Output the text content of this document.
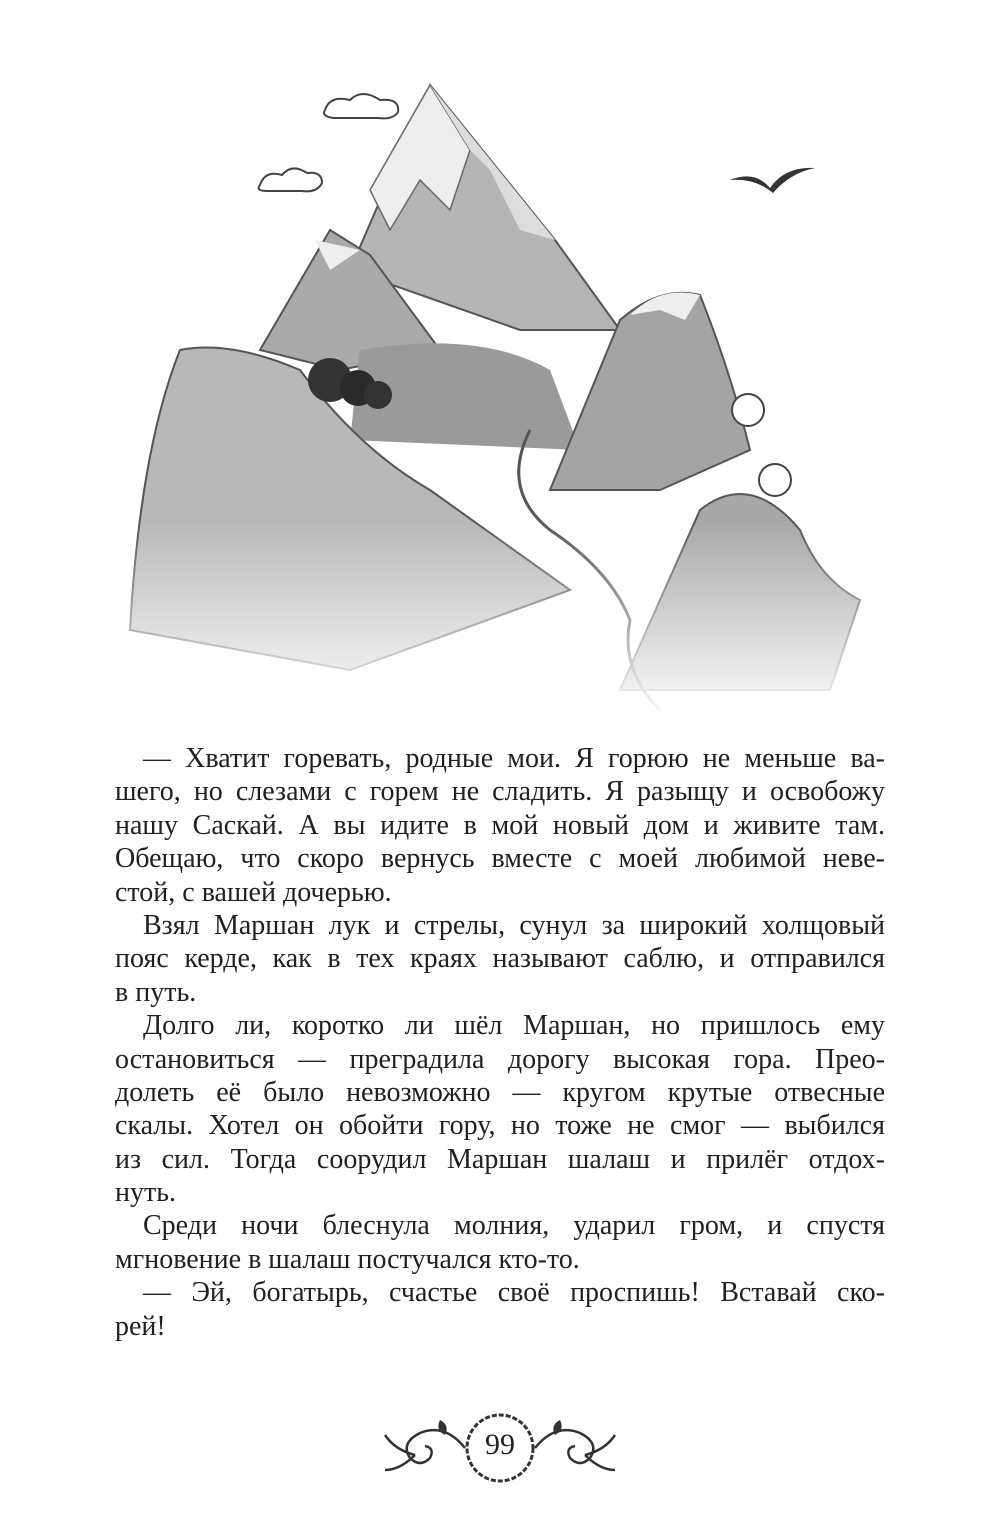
— Хватит горевать, родные мои. Я горюю не меньше ва-
шего, но слезами с горем не сладить. Я разыщу и освобожу
нашу Саскай. А вы идите в мой новый дом и живите там.
Обещаю, что скоро вернусь вместе с моей любимой неве-
стой, с вашей дочерью.
Взял Маршан лук и стрелы, сунул за широкий холщовый
пояс керде, как в тех краях называют саблю, и отправился
в путь.
Долго ли, коротко ли шёл Маршан, но пришлось ему
остановиться — преградила дорогу высокая гора. Прео-
долеть её было невозможно — кругом крутые отвесные
скалы. Хотел он обойти гору, но тоже не смог — выбился
из сил. Тогда соорудил Маршан шалаш и прилёг отдох-
нуть.
Среди ночи блеснула молния, ударил гром, и спустя
мгновение в шалаш постучался кто-то.
— Эй, богатырь, счастье своё проспишь! Вставай ско-
рей!
99
